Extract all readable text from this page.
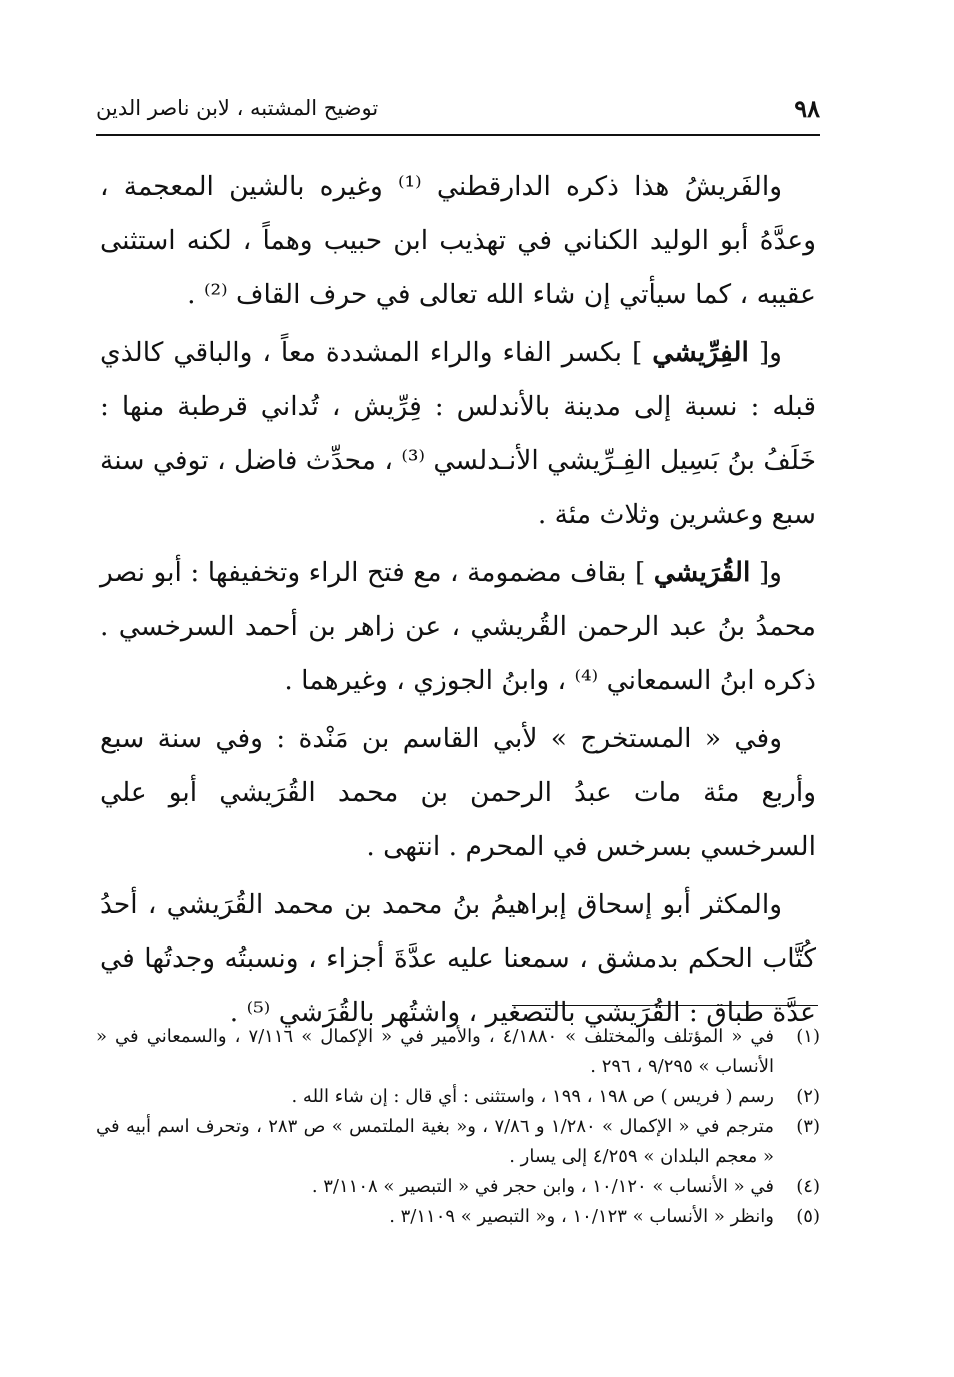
٩٨
توضيح المشتبه ، لابن ناصر الدين

والفَريشُ هذا ذكره الدارقطني ⁽¹⁾ وغيره بالشين المعجمة ، وعدَّهُ أبو الوليد الكناني في تهذيب ابن حبيب وهماً ، لكنه استثنى عقيبه ، كما سيأتي إن شاء الله تعالى في حرف القاف ⁽²⁾ .

و[ الفِرِّيشي ] بكسر الفاء والراء المشددة معاً ، والباقي كالذي قبله : نسبة إلى مدينة بالأندلس : فِرِّيش ، تُداني قرطبة منها : خَلَفُ بنُ بَسِيل الفِـرِّيشي الأنـدلسي ⁽³⁾ ، محدِّث فاضل ، توفي سنة سبع وعشرين وثلاث مئة .

و[ القُرَيشي ] بقاف مضمومة ، مع فتح الراء وتخفيفها : أبو نصر محمدُ بنُ عبد الرحمن القُريشي ، عن زاهر بن أحمد السرخسي . ذكره ابنُ السمعاني ⁽⁴⁾ ، وابنُ الجوزي ، وغيرهما .

وفي « المستخرج » لأبي القاسم بن مَنْدة : وفي سنة سبع وأربع مئة مات عبدُ الرحمن بن محمد القُرَيشي أبو علي السرخسي بسرخس في المحرم . انتهى .

والمكثر أبو إسحاق إبراهيمُ بنُ محمد بن محمد القُرَيشي ، أحدُ كُتَّاب الحكم بدمشق ، سمعنا عليه عدَّةَ أجزاء ، ونسبتُه وجدتُها في عدَّة طباق : القُرَيشي بالتصغير ، واشتُهر بالقُرَشي ⁽⁵⁾ .

(١)
في « المؤتلف والمختلف » ٤/١٨٨٠ ، والأمير في « الإكمال » ٧/١١٦ ، والسمعاني في « الأنساب » ٩/٢٩٥ ، ٢٩٦ .

(٢)
رسم ( فريس ) ص ١٩٨ ، ١٩٩ ، واستثنى : أي قال : إن شاء الله .

(٣)
مترجم في « الإكمال » ١/٢٨٠ و ٧/٨٦ ، و« بغية الملتمس » ص ٢٨٣ ، وتحرف اسم أبيه في « معجم البلدان » ٤/٢٥٩ إلى يسار .

(٤)
في « الأنساب » ١٠/١٢٠ ، وابن حجر في « التبصير » ٣/١١٠٨ .

(٥)
وانظر « الأنساب » ١٠/١٢٣ ، و« التبصير » ٣/١١٠٩ .
